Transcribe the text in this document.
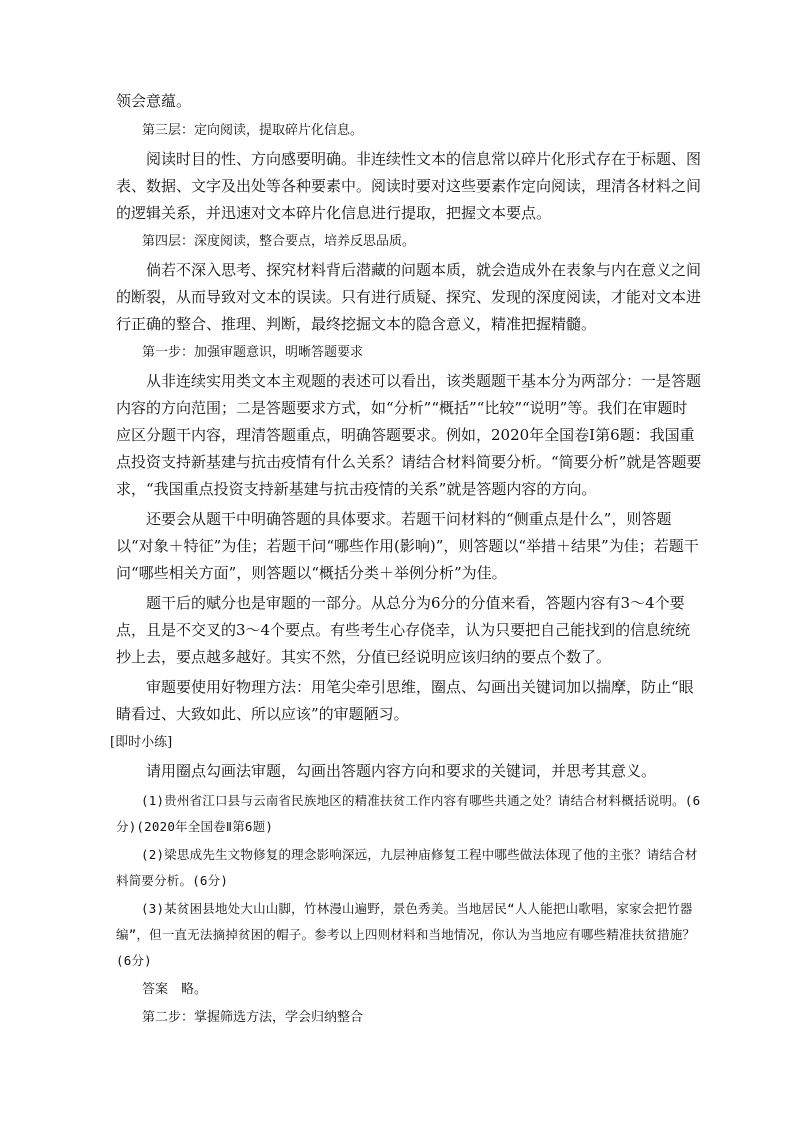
领会意蕴。

第三层：定向阅读，提取碎片化信息。

阅读时目的性、方向感要明确。非连续性文本的信息常以碎片化形式存在于标题、图表、数据、文字及出处等各种要素中。阅读时要对这些要素作定向阅读，理清各材料之间的逻辑关系，并迅速对文本碎片化信息进行提取，把握文本要点。

第四层：深度阅读，整合要点，培养反思品质。

倘若不深入思考、探究材料背后潜藏的问题本质，就会造成外在表象与内在意义之间的断裂，从而导致对文本的误读。只有进行质疑、探究、发现的深度阅读，才能对文本进行正确的整合、推理、判断，最终挖掘文本的隐含意义，精准把握精髓。

第一步：加强审题意识，明晰答题要求

从非连续实用类文本主观题的表述可以看出，该类题题干基本分为两部分：一是答题内容的方向范围；二是答题要求方式，如“分析”“概括”“比较”“说明”等。我们在审题时应区分题干内容，理清答题重点，明确答题要求。例如，2020年全国卷Ⅰ第6题：我国重点投资支持新基建与抗击疫情有什么关系？请结合材料简要分析。“简要分析”就是答题要求，“我国重点投资支持新基建与抗击疫情的关系”就是答题内容的方向。

还要会从题干中明确答题的具体要求。若题干问材料的“侧重点是什么”，则答题以“对象＋特征”为佳；若题干问“哪些作用(影响)”，则答题以“举措＋结果”为佳；若题干问“哪些相关方面”，则答题以“概括分类＋举例分析”为佳。

题干后的赋分也是审题的一部分。从总分为6分的分值来看，答题内容有3～4个要点，且是不交叉的3～4个要点。有些考生心存侥幸，认为只要把自己能找到的信息统统抄上去，要点越多越好。其实不然，分值已经说明应该归纳的要点个数了。

审题要使用好物理方法：用笔尖牵引思维，圈点、勾画出关键词加以揣摩，防止“眼睛看过、大致如此、所以应该”的审题陋习。

[即时小练]

请用圈点勾画法审题，勾画出答题内容方向和要求的关键词，并思考其意义。

(1)贵州省江口县与云南省民族地区的精准扶贫工作内容有哪些共通之处？请结合材料概括说明。(6分)(2020年全国卷Ⅱ第6题)

(2)梁思成先生文物修复的理念影响深远，九层神庙修复工程中哪些做法体现了他的主张？请结合材料简要分析。(6分)

(3)某贫困县地处大山山脚，竹林漫山遍野，景色秀美。当地居民“人人能把山歌唱，家家会把竹器编”，但一直无法摘掉贫困的帽子。参考以上四则材料和当地情况，你认为当地应有哪些精准扶贫措施？(6分)

答案　略。

第二步：掌握筛选方法，学会归纳整合
